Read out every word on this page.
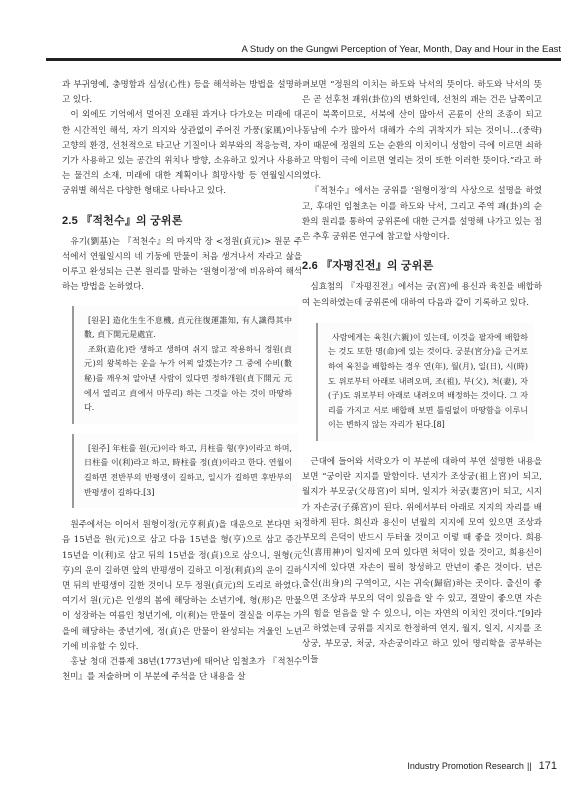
A Study on the Gungwi Perception of Year, Month, Day and Hour in the East

과 부귀영예, 충명함과 심성(心性) 등을 해석하는 방법을 설명하고 있다.

이 외에도 기억에서 멀어진 오래된 과거나 다가오는 미래에 대한 시간적인 해석, 자기 의지와 상관없이 주어진 가풍(家風)이나 고향의 환경, 선천적으로 타고난 기질이나 외부와의 적응능력, 자기가 사용하고 있는 공간의 위치나 방향, 소유하고 있거나 사용하는 물건의 소재, 미래에 대한 계획이나 희망사항 등 연월일시의 궁위별 해석은 다양한 형태로 나타나고 있다.

2.5 『적천수』의 궁위론

유기(劉基)는 『적천수』의 마지막 장 <정원(貞元)> 원문 주석에서 연월일시의 네 기둥에 만물이 처음 생겨나서 자라고 삶을 이루고 완성되는 근본 원리를 말하는 ‘원형이정’에 비유하여 해석하는 방법을 논하였다.

[원문] 造化生生不息機, 貞元往復運誰知, 有人識得其中數, 貞下開元是處宜.

조화(造化)란 생하고 생하며 쉬지 않고 작용하니 정원(貞元)의 왕복하는 운을 누가 어찌 알겠는가? 그 중에 수비(數秘)를 깨우쳐 알아낸 사람이 있다면 정하개원(貞下開元 元에서 열리고 貞에서 마무리) 하는 그것을 아는 것이 마땅하다.

[원주] 年柱를 원(元)이라 하고, 月柱를 형(亨)이라고 하며, 日柱를 이(利)라고 하고, 時柱를 정(貞)이라고 한다. 연월이 길하면 전반부의 반평생이 길하고, 일시가 길하면 후반부의 반평생이 길하다.[3]

원주에서는 이어서 원형이정(元亨利貞)을 대운으로 본다면 처음 15년을 원(元)으로 삼고 다음 15년을 형(亨)으로 삼고 증간 15년을 이(利)로 삼고 뒤의 15년을 정(貞)으로 삼으니, 원형(元亨)의 운이 길하면 앞의 반평생이 길하고 이정(利貞)의 운이 길하면 뒤의 반평생이 길한 것이니 모두 정원(貞元)의 도리로 하였다. 여기서 원(元)은 인생의 봄에 해당하는 소년기에, 형(形)은 만물이 성장하는 여름인 청년기에, 이(利)는 만물이 결실을 이루는 가을에 해당하는 중년기에, 정(貞)은 만물이 완성되는 겨울인 노년기에 비유할 수 있다.

홍날 청대 건륭제 38년(1773년)에 태어난 임철초가 『적천수천미』를 저술하며 이 부분에 주석을 단 내용을 살

펴보면 “정원의 이치는 하도와 낙서의 뜻이다. 하도와 낙서의 뜻은 곧 선후천 괘위(卦位)의 변화인데, 선천의 괘는 건은 남쪽이고 곤이 북쪽이므로, 서북에 산이 많아서 곤륜이 산의 조종이 되고 동남에 수가 많아서 대해가 수의 귀착지가 되는 것이니…(중략) 이 때문에 정원의 도는 순환의 이치이니 성함이 극에 이르면 쇠하고 막힘이 극에 이르면 열리는 것이 또한 이러한 뜻이다.”라고 하였다.

『적천수』에서는 궁위를 ‘원형이정’의 사상으로 설명을 하였고, 후대인 임철초는 이를 하도와 낙서, 그리고 주역 괘(卦)의 순환의 원리를 통하여 궁위론에 대한 근거를 설명해 나가고 있는 점은 추후 궁위론 연구에 참고할 사항이다.

2.6 『자평진전』의 궁위론

심효첨의 『자평진전』에서는 궁(宮)에 용신과 육친을 배합하여 논의하였는데 궁위론에 대하여 다음과 같이 기록하고 있다.

사람에게는 육친(六親)이 있는데, 이것을 팔자에 배합하는 것도 또한 명(命)에 있는 것이다. 궁분(宮分)을 근거로 하여 육친을 배합하는 경우 연(年), 월(月), 일(日), 시(時)도 위로부터 아래로 내려오며, 조(祖), 부(父), 처(妻), 자(子)도 위로부터 아래로 내려오며 배정하는 것이다. 그 자리를 가지고 서로 배합해 보면 틀림없이 마땅함을 이루니 이는 변하지 않는 자리가 된다.[8]

근대에 들어와 서락오가 이 부분에 대하여 부연 설명한 내용을 보면 “궁이란 지지를 말함이다. 년지가 조상궁(祖上宮)이 되고, 월지가 부모궁(父母宮)이 되며, 일지가 처궁(妻宮)이 되고, 시지가 자손궁(子孫宮)이 된다. 위에서부터 아래로 지지의 자리를 배정하게 된다. 희신과 용신이 년월의 지지에 모여 있으면 조상과 부모의 은덕이 반드시 두터울 것이고 이렇 때 좋을 것이다. 희용신(喜用神)이 일지에 모여 있다면 처덕이 있을 것이고, 희용신이 시지에 있다면 자손이 필히 창성하고 만년이 좋은 것이다. 년은 출신(出身)의 구역이고, 시는 귀숙(歸宿)하는 곳이다. 출신이 좋으면 조상과 부모의 덕이 있음을 알 수 있고, 결말이 좋으면 자손의 힘을 얻음을 알 수 있으니, 이는 자연의 이치인 것이다.”[9]라고 하였는데 궁위를 지지로 한정하여 연지, 월지, 일지, 시지를 조상궁, 부모궁, 처궁, 자손궁이라고 하고 있어 명리학을 공부하는 이들

Industry Promotion Research || 171
